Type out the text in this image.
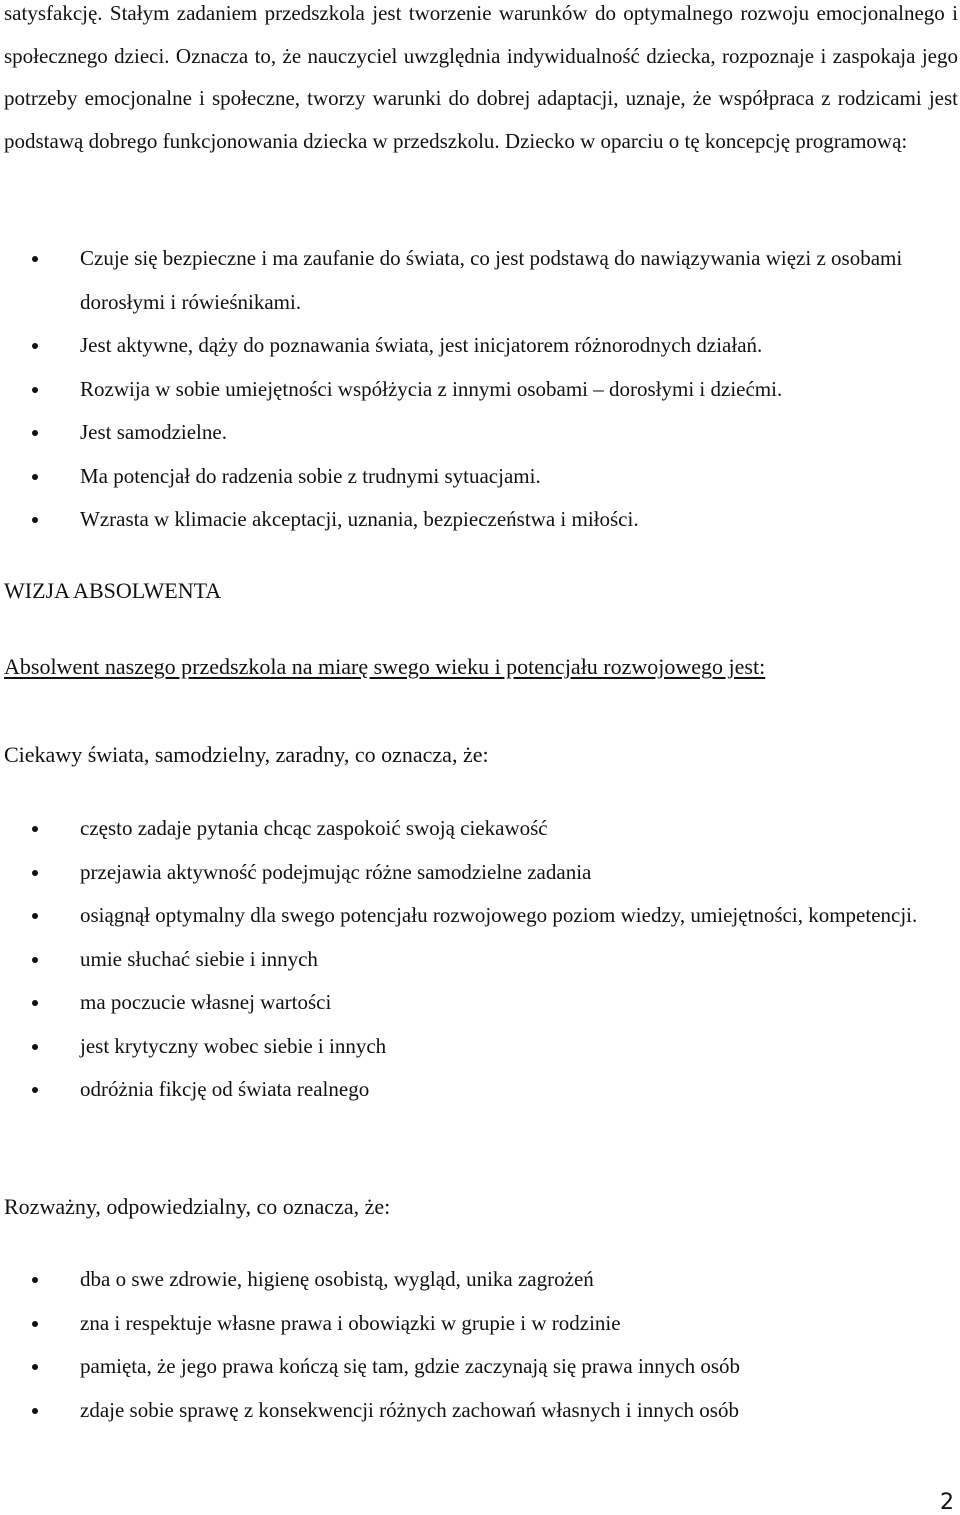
satysfakcję. Stałym zadaniem przedszkola jest tworzenie warunków do optymalnego rozwoju emocjonalnego i społecznego dzieci. Oznacza to, że nauczyciel uwzględnia indywidualność dziecka, rozpoznaje i zaspokaja jego potrzeby emocjonalne i społeczne, tworzy warunki do dobrej adaptacji, uznaje, że współpraca z rodzicami jest podstawą dobrego funkcjonowania dziecka w przedszkolu. Dziecko w oparciu o tę koncepcję programową:

Czuje się bezpieczne i ma zaufanie do świata, co jest podstawą do nawiązywania więzi z osobami dorosłymi i rówieśnikami.
Jest aktywne, dąży do poznawania świata, jest inicjatorem różnorodnych działań.
Rozwija w sobie umiejętności współżycia z innymi osobami – dorosłymi i dziećmi.
Jest samodzielne.
Ma potencjał do radzenia sobie z trudnymi sytuacjami.
Wzrasta w klimacie akceptacji, uznania, bezpieczeństwa i miłości.
WIZJA ABSOLWENTA
Absolwent naszego przedszkola na miarę swego wieku i potencjału rozwojowego jest:
Ciekawy świata, samodzielny, zaradny, co oznacza, że:
często zadaje pytania chcąc zaspokoić swoją ciekawość
przejawia aktywność podejmując różne samodzielne zadania
osiągnął optymalny dla swego potencjału rozwojowego poziom wiedzy, umiejętności, kompetencji.
umie słuchać siebie i innych
ma poczucie własnej wartości
jest krytyczny wobec siebie i innych
odróżnia fikcję od świata realnego
Rozważny, odpowiedzialny, co oznacza, że:
dba o swe zdrowie, higienę osobistą, wygląd, unika zagrożeń
zna i respektuje własne prawa i obowiązki w grupie i w rodzinie
pamięta, że jego prawa kończą się tam, gdzie zaczynają się prawa innych osób
zdaje sobie sprawę z konsekwencji różnych zachowań własnych i innych osób
2
